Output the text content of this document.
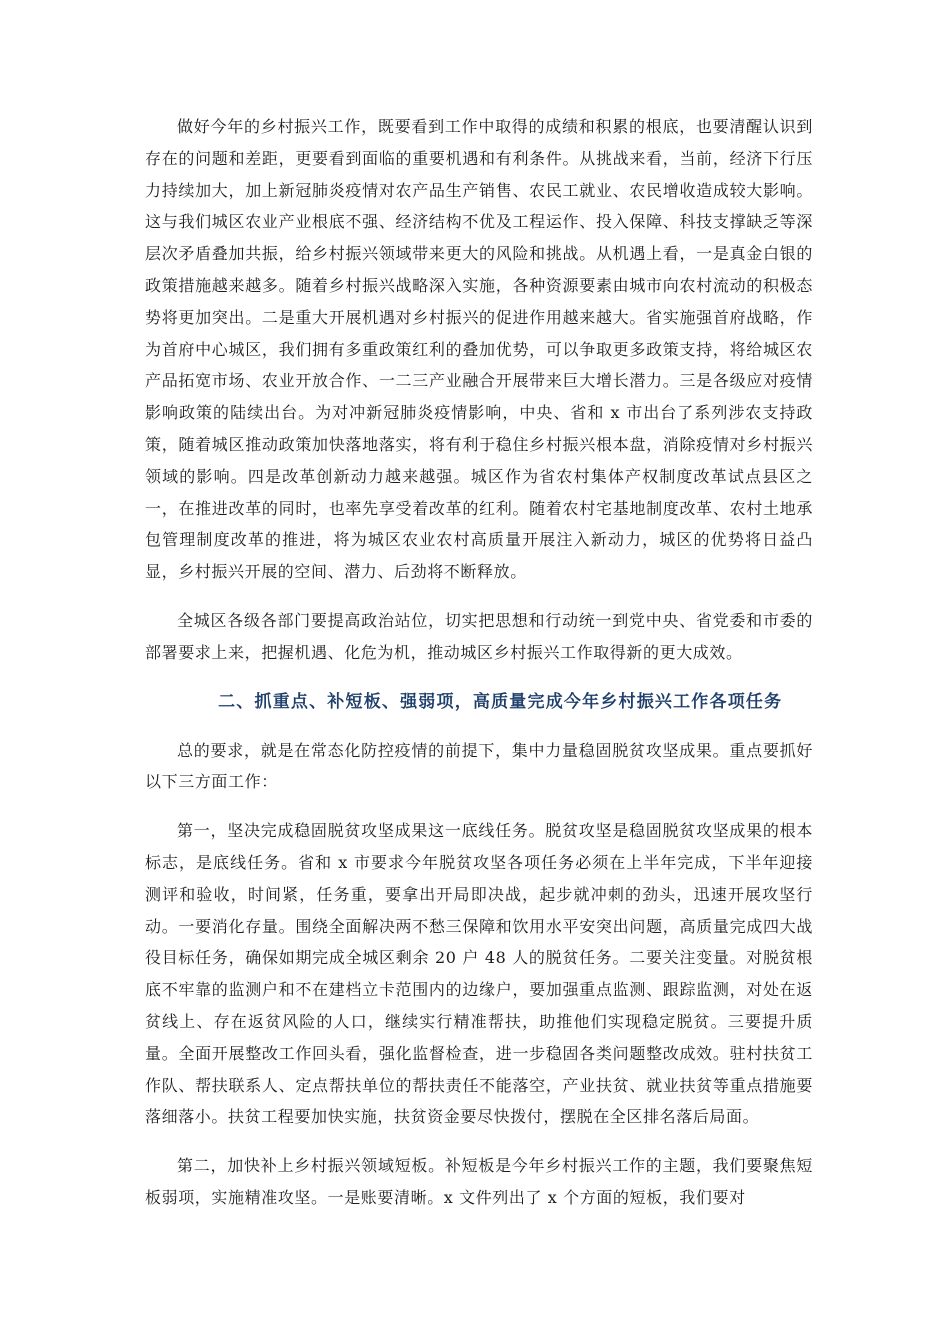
做好今年的乡村振兴工作，既要看到工作中取得的成绩和积累的根底，也要清醒认识到存在的问题和差距，更要看到面临的重要机遇和有利条件。从挑战来看，当前，经济下行压力持续加大，加上新冠肺炎疫情对农产品生产销售、农民工就业、农民增收造成较大影响。这与我们城区农业产业根底不强、经济结构不优及工程运作、投入保障、科技支撑缺乏等深层次矛盾叠加共振，给乡村振兴领域带来更大的风险和挑战。从机遇上看，一是真金白银的政策措施越来越多。随着乡村振兴战略深入实施，各种资源要素由城市向农村流动的积极态势将更加突出。二是重大开展机遇对乡村振兴的促进作用越来越大。省实施强首府战略，作为首府中心城区，我们拥有多重政策红利的叠加优势，可以争取更多政策支持，将给城区农产品拓宽市场、农业开放合作、一二三产业融合开展带来巨大增长潜力。三是各级应对疫情影响政策的陆续出台。为对冲新冠肺炎疫情影响，中央、省和 x 市出台了系列涉农支持政策，随着城区推动政策加快落地落实，将有利于稳住乡村振兴根本盘，消除疫情对乡村振兴领域的影响。四是改革创新动力越来越强。城区作为省农村集体产权制度改革试点县区之一，在推进改革的同时，也率先享受着改革的红利。随着农村宅基地制度改革、农村土地承包管理制度改革的推进，将为城区农业农村高质量开展注入新动力，城区的优势将日益凸显，乡村振兴开展的空间、潜力、后劲将不断释放。

全城区各级各部门要提高政治站位，切实把思想和行动统一到党中央、省党委和市委的部署要求上来，把握机遇、化危为机，推动城区乡村振兴工作取得新的更大成效。

二、抓重点、补短板、强弱项，高质量完成今年乡村振兴工作各项任务

总的要求，就是在常态化防控疫情的前提下，集中力量稳固脱贫攻坚成果。重点要抓好以下三方面工作：

第一，坚决完成稳固脱贫攻坚成果这一底线任务。脱贫攻坚是稳固脱贫攻坚成果的根本标志，是底线任务。省和 x 市要求今年脱贫攻坚各项任务必须在上半年完成，下半年迎接测评和验收，时间紧，任务重，要拿出开局即决战，起步就冲刺的劲头，迅速开展攻坚行动。一要消化存量。围绕全面解决两不愁三保障和饮用水平安突出问题，高质量完成四大战役目标任务，确保如期完成全城区剩余 20 户 48 人的脱贫任务。二要关注变量。对脱贫根底不牢靠的监测户和不在建档立卡范围内的边缘户，要加强重点监测、跟踪监测，对处在返贫线上、存在返贫风险的人口，继续实行精准帮扶，助推他们实现稳定脱贫。三要提升质量。全面开展整改工作回头看，强化监督检查，进一步稳固各类问题整改成效。驻村扶贫工作队、帮扶联系人、定点帮扶单位的帮扶责任不能落空，产业扶贫、就业扶贫等重点措施要落细落小。扶贫工程要加快实施，扶贫资金要尽快拨付，摆脱在全区排名落后局面。

第二，加快补上乡村振兴领域短板。补短板是今年乡村振兴工作的主题，我们要聚焦短板弱项，实施精准攻坚。一是账要清晰。x 文件列出了 x 个方面的短板，我们要对
